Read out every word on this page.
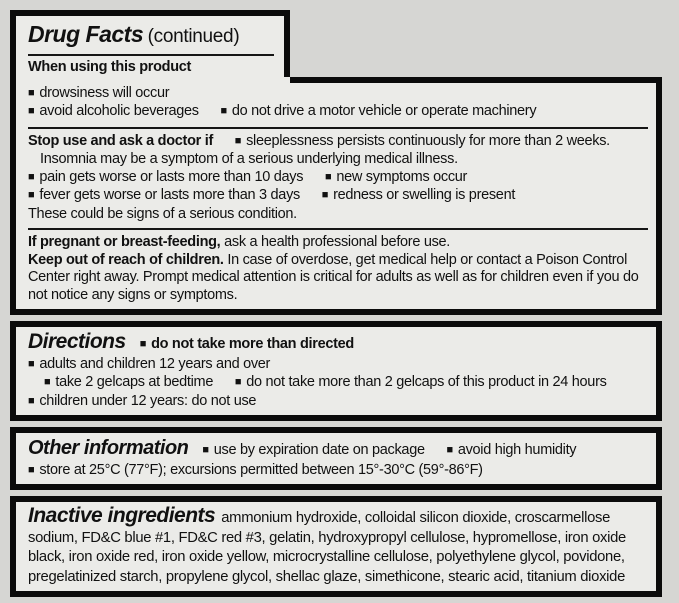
Drug Facts (continued)
When using this product
■ drowsiness will occur
■ avoid alcoholic beverages ■ do not drive a motor vehicle or operate machinery
Stop use and ask a doctor if ■ sleeplessness persists continuously for more than 2 weeks.
Insomnia may be a symptom of a serious underlying medical illness.
■ pain gets worse or lasts more than 10 days ■ new symptoms occur
■ fever gets worse or lasts more than 3 days ■ redness or swelling is present
These could be signs of a serious condition.
If pregnant or breast-feeding, ask a health professional before use.
Keep out of reach of children. In case of overdose, get medical help or contact a Poison Control Center right away. Prompt medical attention is critical for adults as well as for children even if you do not notice any signs or symptoms.
Directions ■ do not take more than directed
■ adults and children 12 years and over
■ take 2 gelcaps at bedtime ■ do not take more than 2 gelcaps of this product in 24 hours
■ children under 12 years: do not use
Other information ■ use by expiration date on package ■ avoid high humidity
■ store at 25°C (77°F); excursions permitted between 15°-30°C (59°-86°F)
Inactive ingredients ammonium hydroxide, colloidal silicon dioxide, croscarmellose sodium, FD&C blue #1, FD&C red #3, gelatin, hydroxypropyl cellulose, hypromellose, iron oxide black, iron oxide red, iron oxide yellow, microcrystalline cellulose, polyethylene glycol, povidone, pregelatinized starch, propylene glycol, shellac glaze, simethicone, stearic acid, titanium dioxide
